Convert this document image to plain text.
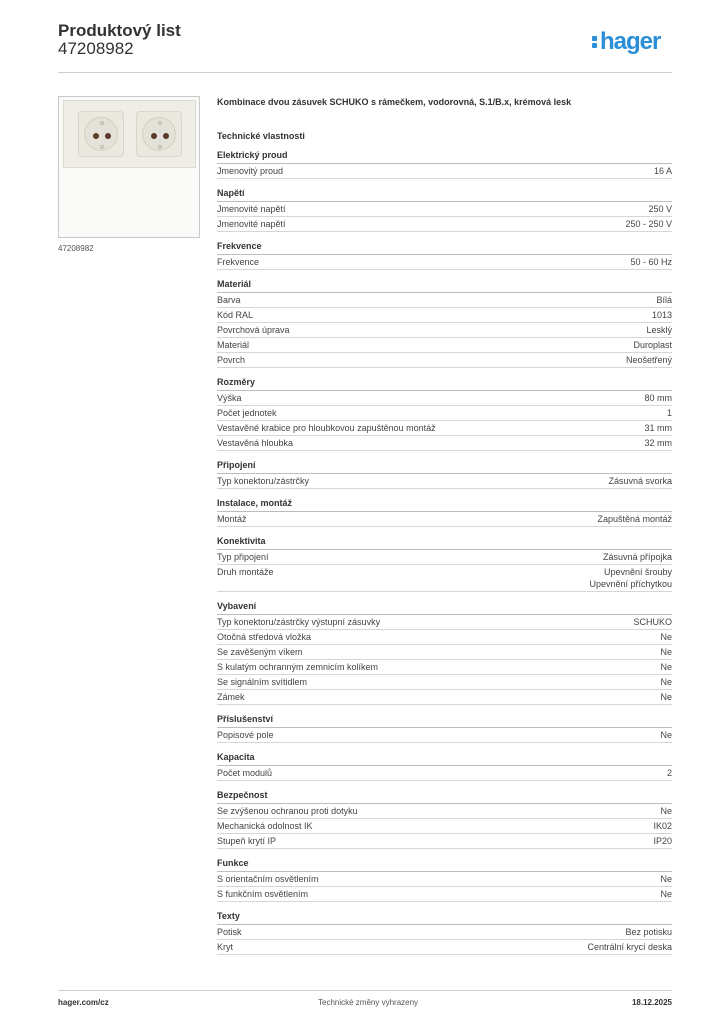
Produktový list
47208982	hager
47208982
Kombinace dvou zásuvek SCHUKO s rámečkem, vodorovná, S.1/B.x, krémová lesk
Technické vlastnosti
Elektrický proud
Jmenovitý proud	16 A
Napětí
Jmenovité napětí	250 V
Jmenovité napětí	250 - 250 V
Frekvence
Frekvence	50 - 60 Hz
Materiál
Barva	Bílá
Kód RAL	1013
Povrchová úprava	Lesklý
Materiál	Duroplast
Povrch	Neošetřený
Rozměry
Výška	80 mm
Počet jednotek	1
Vestavěné krabice pro hloubkovou zapuštěnou montáž	31 mm
Vestavěná hloubka	32 mm
Připojení
Typ konektoru/zástrčky	Zásuvná svorka
Instalace, montáž
Montáž	Zapuštěná montáž
Konektivita
Typ připojení	Zásuvná přípojka
Druh montáže	Upevnění šrouby
Upevnění příchytkou
Vybavení
Typ konektoru/zástrčky výstupní zásuvky	SCHUKO
Otočná středová vložka	Ne
Se zavěšeným víkem	Ne
S kulatým ochranným zemnicím kolíkem	Ne
Se signálním svítidlem	Ne
Zámek	Ne
Příslušenství
Popisové pole	Ne
Kapacita
Počet modulů	2
Bezpečnost
Se zvýšenou ochranou proti dotyku	Ne
Mechanická odolnost IK	IK02
Stupeň krytí IP	IP20
Funkce
S orientačním osvětlením	Ne
S funkčním osvětlením	Ne
Texty
Potisk	Bez potisku
Kryt	Centrální krycí deska
hager.com/cz	Technické změny vyhrazeny	18.12.2025
